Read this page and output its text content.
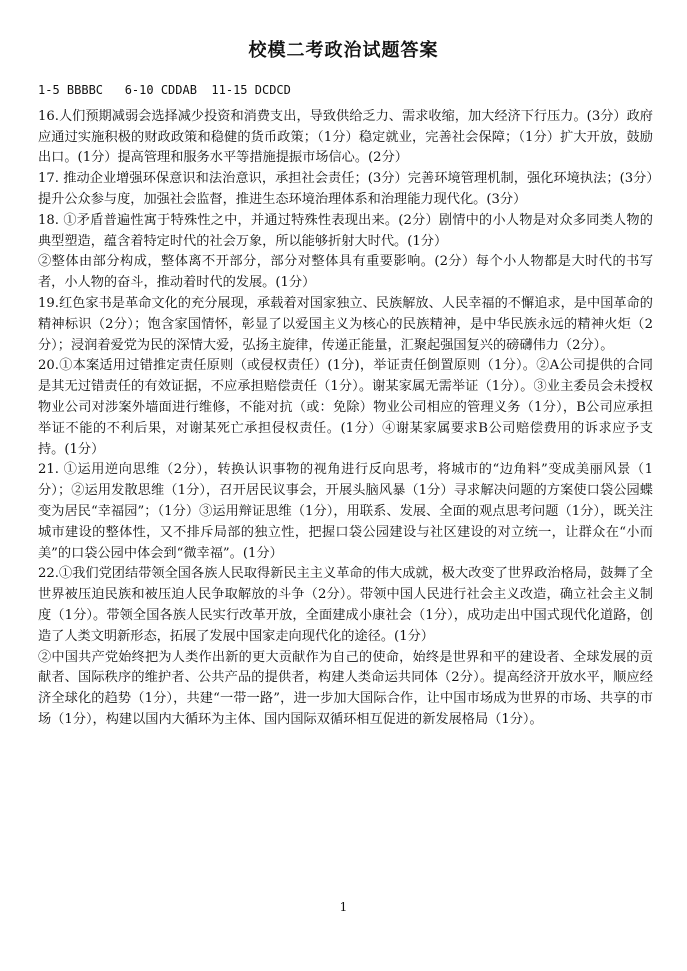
校模二考政治试题答案

1-5 BBBBC   6-10 CDDAB  11-15 DCDCD

16.人们预期减弱会选择减少投资和消费支出，导致供给乏力、需求收缩，加大经济下行压力。(3分）政府应通过实施积极的财政政策和稳健的货币政策；（1分）稳定就业，完善社会保障；（1分）扩大开放，鼓励出口。(1分）提高管理和服务水平等措施提振市场信心。(2分）

17. 推动企业增强环保意识和法治意识，承担社会责任；(3分）完善环境管理机制，强化环境执法；(3分）提升公众参与度，加强社会监督，推进生态环境治理体系和治理能力现代化。(3分）

18. ①矛盾普遍性寓于特殊性之中，并通过特殊性表现出来。(2分）剧情中的小人物是对众多同类人物的典型塑造，蕴含着特定时代的社会万象，所以能够折射大时代。(1分）

②整体由部分构成，整体离不开部分，部分对整体具有重要影响。(2分）每个小人物都是大时代的书写者，小人物的奋斗，推动着时代的发展。(1分）

19.红色家书是革命文化的充分展现，承载着对国家独立、民族解放、人民幸福的不懈追求，是中国革命的精神标识（2分）；饱含家国情怀，彰显了以爱国主义为核心的民族精神，是中华民族永远的精神火炬（2分）；浸润着爱党为民的深情大爱，弘扬主旋律，传递正能量，汇聚起强国复兴的磅礴伟力（2分）。

20.①本案适用过错推定责任原则（或侵权责任）(1分)，举证责任倒置原则（1分）。②A公司提供的合同是其无过错责任的有效证据，不应承担赔偿责任（1分）。谢某家属无需举证（1分）。③业主委员会未授权物业公司对涉案外墙面进行维修，不能对抗（或：免除）物业公司相应的管理义务（1分），B公司应承担举证不能的不利后果，对谢某死亡承担侵权责任。(1分）④谢某家属要求B公司赔偿费用的诉求应予支持。(1分）

21. ①运用逆向思维（2分），转换认识事物的视角进行反向思考，将城市的“边角料”变成美丽风景（1分）；②运用发散思维（1分），召开居民议事会，开展头脑风暴（1分）寻求解决问题的方案使口袋公园蝶变为居民“幸福园”；（1分）③运用辩证思维（1分），用联系、发展、全面的观点思考问题（1分），既关注城市建设的整体性，又不排斥局部的独立性，把握口袋公园建设与社区建设的对立统一，让群众在“小而美”的口袋公园中体会到“微幸福”。(1分）

22.①我们党团结带领全国各族人民取得新民主主义革命的伟大成就，极大改变了世界政治格局，鼓舞了全世界被压迫民族和被压迫人民争取解放的斗争（2分）。带领中国人民进行社会主义改造，确立社会主义制度（1分）。带领全国各族人民实行改革开放，全面建成小康社会（1分），成功走出中国式现代化道路，创造了人类文明新形态，拓展了发展中国家走向现代化的途径。(1分）

②中国共产党始终把为人类作出新的更大贡献作为自己的使命，始终是世界和平的建设者、全球发展的贡献者、国际秩序的维护者、公共产品的提供者，构建人类命运共同体（2分）。提高经济开放水平，顺应经济全球化的趋势（1分），共建“一带一路”，进一步加大国际合作，让中国市场成为世界的市场、共享的市场（1分），构建以国内大循环为主体、国内国际双循环相互促进的新发展格局（1分）。

1
